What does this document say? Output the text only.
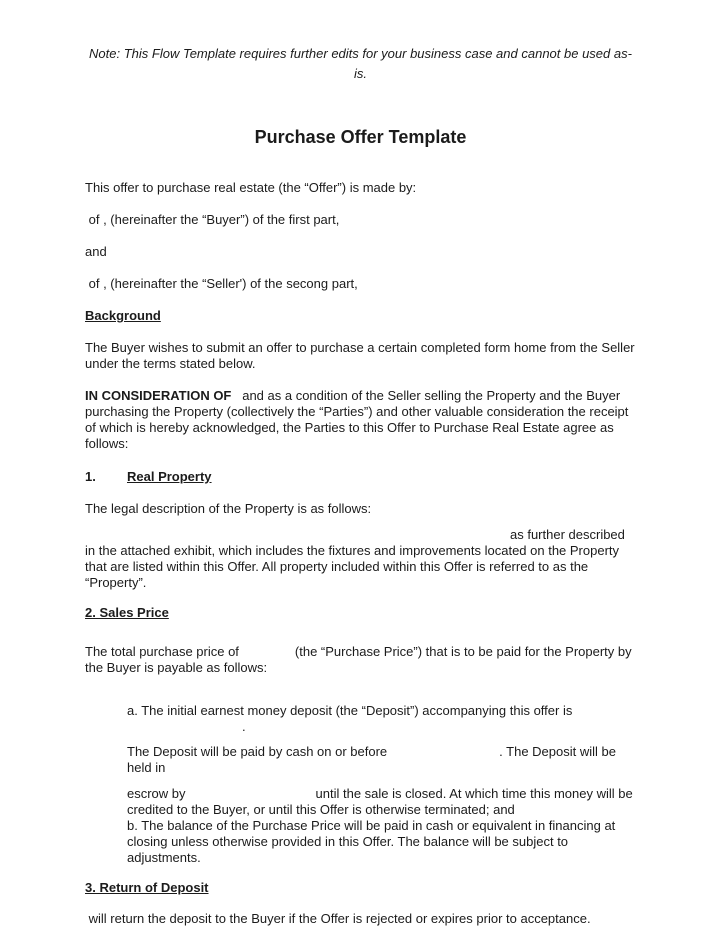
Note: This Flow Template requires further edits for your business case and cannot be used as-is.

Purchase Offer Template

This offer to purchase real estate (the “Offer”) is made by:

of , (hereinafter the “Buyer”) of the first part,

and

of , (hereinafter the “Seller') of the secong part,

Background

The Buyer wishes to submit an offer to purchase a certain completed form home from the Seller under the terms stated below.

IN CONSIDERATION OF   and as a condition of the Seller selling the Property and the Buyer purchasing the Property (collectively the “Parties”) and other valuable consideration the receipt of which is hereby acknowledged, the Parties to this Offer to Purchase Real Estate agree as follows:

1. Real Property

The legal description of the Property is as follows:

as further described in the attached exhibit, which includes the fixtures and improvements located on the Property that are listed within this Offer. All property included within this Offer is referred to as the “Property”.

2. Sales Price

The total purchase price of	(the “Purchase Price”) that is to be paid for the Property by the Buyer is payable as follows:

a. The initial earnest money deposit (the “Deposit”) accompanying this offer is.

The Deposit will be paid by cash on or before	. The Deposit will be held in

escrow by	until the sale is closed. At which time this money will be credited to the Buyer, or until this Offer is otherwise terminated; and

b. The balance of the Purchase Price will be paid in cash or equivalent in financing at closing unless otherwise provided in this Offer. The balance will be subject to adjustments.

3. Return of Deposit

will return the deposit to the Buyer if the Offer is rejected or expires prior to acceptance.
